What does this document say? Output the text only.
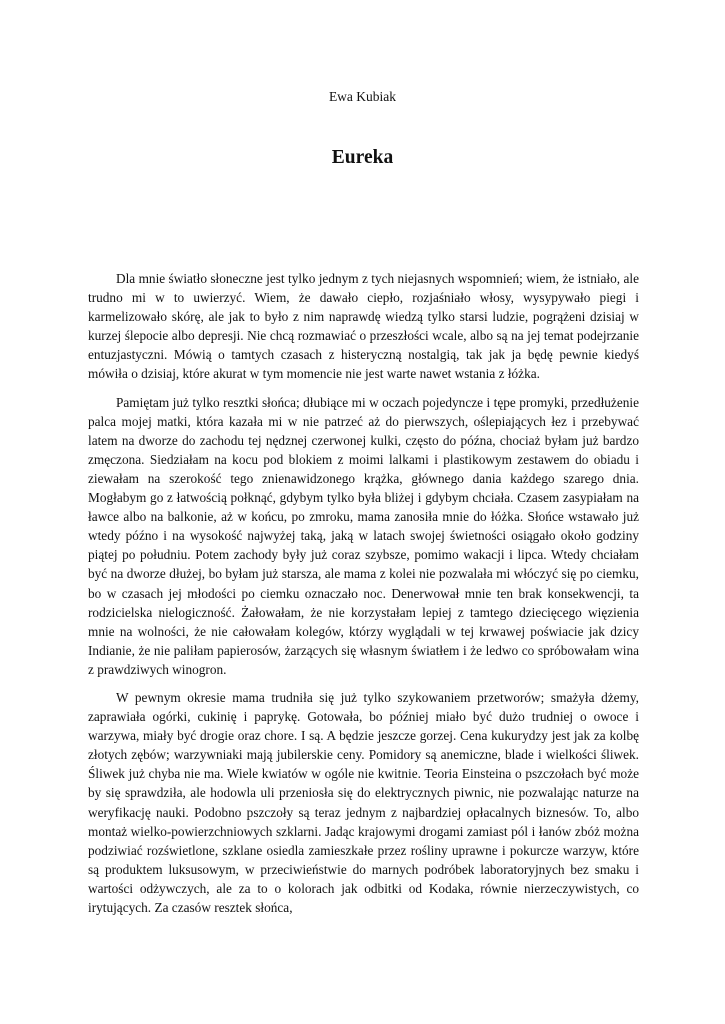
Ewa Kubiak
Eureka

Dla mnie światło słoneczne jest tylko jednym z tych niejasnych wspomnień; wiem, że istniało, ale trudno mi w to uwierzyć. Wiem, że dawało ciepło, rozjaśniało włosy, wysypywało piegi i karmelizowało skórę, ale jak to było z nim naprawdę wiedzą tylko starsi ludzie, pogrążeni dzisiaj w kurzej ślepocie albo depresji. Nie chcą rozmawiać o przeszłości wcale, albo są na jej temat podejrzanie entuzjastyczni. Mówią o tamtych czasach z histeryczną nostalgią, tak jak ja będę pewnie kiedyś mówiła o dzisiaj, które akurat w tym momencie nie jest warte nawet wstania z łóżka.

Pamiętam już tylko resztki słońca; dłubiące mi w oczach pojedyncze i tępe promyki, przedłużenie palca mojej matki, która kazała mi w nie patrzeć aż do pierwszych, oślepiających łez i przebywać latem na dworze do zachodu tej nędznej czerwonej kulki, często do późna, chociaż byłam już bardzo zmęczona. Siedziałam na kocu pod blokiem z moimi lalkami i plastikowym zestawem do obiadu i ziewałam na szerokość tego znienawidzonego krążka, głównego dania każdego szarego dnia. Mogłabym go z łatwością połknąć, gdybym tylko była bliżej i gdybym chciała. Czasem zasypiałam na ławce albo na balkonie, aż w końcu, po zmroku, mama zanosiła mnie do łóżka. Słońce wstawało już wtedy późno i na wysokość najwyżej taką, jaką w latach swojej świetności osiągało około godziny piątej po południu. Potem zachody były już coraz szybsze, pomimo wakacji i lipca. Wtedy chciałam być na dworze dłużej, bo byłam już starsza, ale mama z kolei nie pozwalała mi włóczyć się po ciemku, bo w czasach jej młodości po ciemku oznaczało noc. Denerwował mnie ten brak konsekwencji, ta rodzicielska nielogiczność. Żałowałam, że nie korzystałam lepiej z tamtego dziecięcego więzienia mnie na wolności, że nie całowałam kolegów, którzy wyglądali w tej krwawej poświacie jak dzicy Indianie, że nie paliłam papierosów, żarzących się własnym światłem i że ledwo co spróbowałam wina z prawdziwych winogron.

W pewnym okresie mama trudniła się już tylko szykowaniem przetworów; smażyła dżemy, zaprawiała ogórki, cukinię i paprykę. Gotowała, bo później miało być dużo trudniej o owoce i warzywa, miały być drogie oraz chore. I są. A będzie jeszcze gorzej. Cena kukurydzy jest jak za kolbę złotych zębów; warzywniaki mają jubilerskie ceny. Pomidory są anemiczne, blade i wielkości śliwek. Śliwek już chyba nie ma. Wiele kwiatów w ogóle nie kwitnie. Teoria Einsteina o pszczołach być może by się sprawdziła, ale hodowla uli przeniosła się do elektrycznych piwnic, nie pozwalając naturze na weryfikację nauki. Podobno pszczoły są teraz jednym z najbardziej opłacalnych biznesów. To, albo montaż wielko-powierzchniowych szklarni. Jadąc krajowymi drogami zamiast pól i łanów zbóż można podziwiać rozświetlone, szklane osiedla zamieszkałe przez rośliny uprawne i pokurcze warzyw, które są produktem luksusowym, w przeciwieństwie do marnych podróbek laboratoryjnych bez smaku i wartości odżywczych, ale za to o kolorach jak odbitki od Kodaka, równie nierzeczywistych, co irytujących. Za czasów resztek słońca,
